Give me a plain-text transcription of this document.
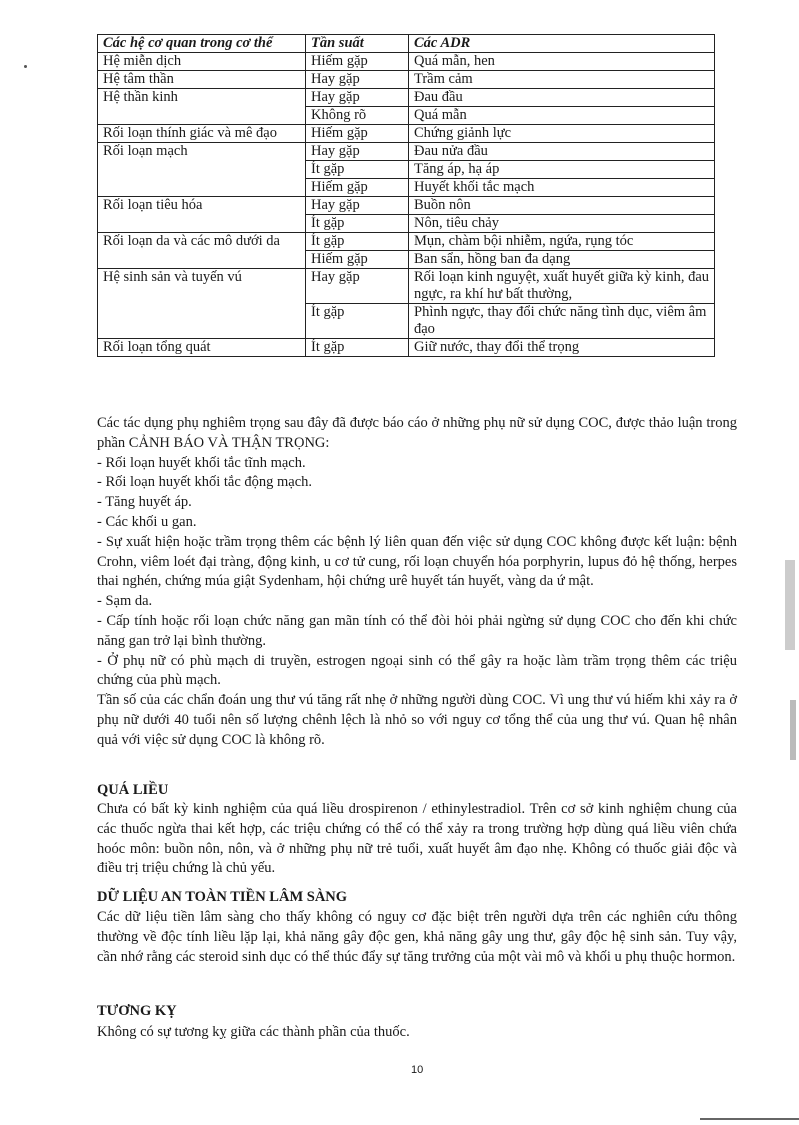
Các hệ cơ quan trong cơ thể	Tần suất	Các ADR
Hệ miễn dịch	Hiếm gặp	Quá mẫn, hen
Hệ tâm thần	Hay gặp	Trầm cảm
Hệ thần kinh	Hay gặp	Đau đầu
	Không rõ	Quá mẫn
Rối loạn thính giác và mê đạo	Hiếm gặp	Chứng giảnh lực
Rối loạn mạch	Hay gặp	Đau nửa đầu
	Ít gặp	Tăng áp, hạ áp
	Hiếm gặp	Huyết khối tắc mạch
Rối loạn tiêu hóa	Hay gặp	Buồn nôn
	Ít gặp	Nôn, tiêu chảy
Rối loạn da và các mô dưới da	Ít gặp	Mụn, chàm bội nhiễm, ngứa, rụng tóc
	Hiếm gặp	Ban sẩn, hồng ban đa dạng
Hệ sinh sản và tuyến vú	Hay gặp	Rối loạn kinh nguyệt, xuất huyết giữa kỳ kinh, đau ngực, ra khí hư bất thường,
	Ít gặp	Phình ngực, thay đổi chức năng tình dục, viêm âm đạo
Rối loạn tổng quát	Ít gặp	Giữ nước, thay đổi thể trọng

Các tác dụng phụ nghiêm trọng sau đây đã được báo cáo ở những phụ nữ sử dụng COC, được thảo luận trong phần CẢNH BÁO VÀ THẬN TRỌNG:

- Rối loạn huyết khối tắc tĩnh mạch.

- Rối loạn huyết khối tắc động mạch.

- Tăng huyết áp.

- Các khối u gan.

- Sự xuất hiện hoặc trầm trọng thêm các bệnh lý liên quan đến việc sử dụng COC không được kết luận: bệnh Crohn, viêm loét đại tràng, động kinh, u cơ tử cung, rối loạn chuyển hóa porphyrin, lupus đỏ hệ thống, herpes thai nghén, chứng múa giật Sydenham, hội chứng urê huyết tán huyết, vàng da ứ mật.

- Sạm da.

- Cấp tính hoặc rối loạn chức năng gan mãn tính có thể đòi hỏi phải ngừng sử dụng COC cho đến khi chức năng gan trở lại bình thường.

- Ở phụ nữ có phù mạch di truyền, estrogen ngoại sinh có thể gây ra hoặc làm trầm trọng thêm các triệu chứng của phù mạch.

Tần số của các chẩn đoán ung thư vú tăng rất nhẹ ở những người dùng COC. Vì ung thư vú hiếm khi xảy ra ở phụ nữ dưới 40 tuổi nên số lượng chênh lệch là nhỏ so với nguy cơ tổng thể của ung thư vú. Quan hệ nhân quả với việc sử dụng COC là không rõ.

QUÁ LIỀU

Chưa có bất kỳ kinh nghiệm của quá liều drospirenon / ethinylestradiol. Trên cơ sở kinh nghiệm chung của các thuốc ngừa thai kết hợp, các triệu chứng có thể có thể xảy ra trong trường hợp dùng quá liều viên chứa hoóc môn: buồn nôn, nôn, và ở những phụ nữ trẻ tuổi, xuất huyết âm đạo nhẹ. Không có thuốc giải độc và điều trị triệu chứng là chủ yếu.

DỮ LIỆU AN TOÀN TIỀN LÂM SÀNG

Các dữ liệu tiền lâm sàng cho thấy không có nguy cơ đặc biệt trên người dựa trên các nghiên cứu thông thường về độc tính liều lặp lại, khả năng gây độc gen, khả năng gây ung thư, gây độc hệ sinh sản. Tuy vậy, cần nhớ rằng các steroid sinh dục có thể thúc đẩy sự tăng trưởng của một vài mô và khối u phụ thuộc hormon.

TƯƠNG KỴ

Không có sự tương kỵ giữa các thành phần của thuốc.

10
